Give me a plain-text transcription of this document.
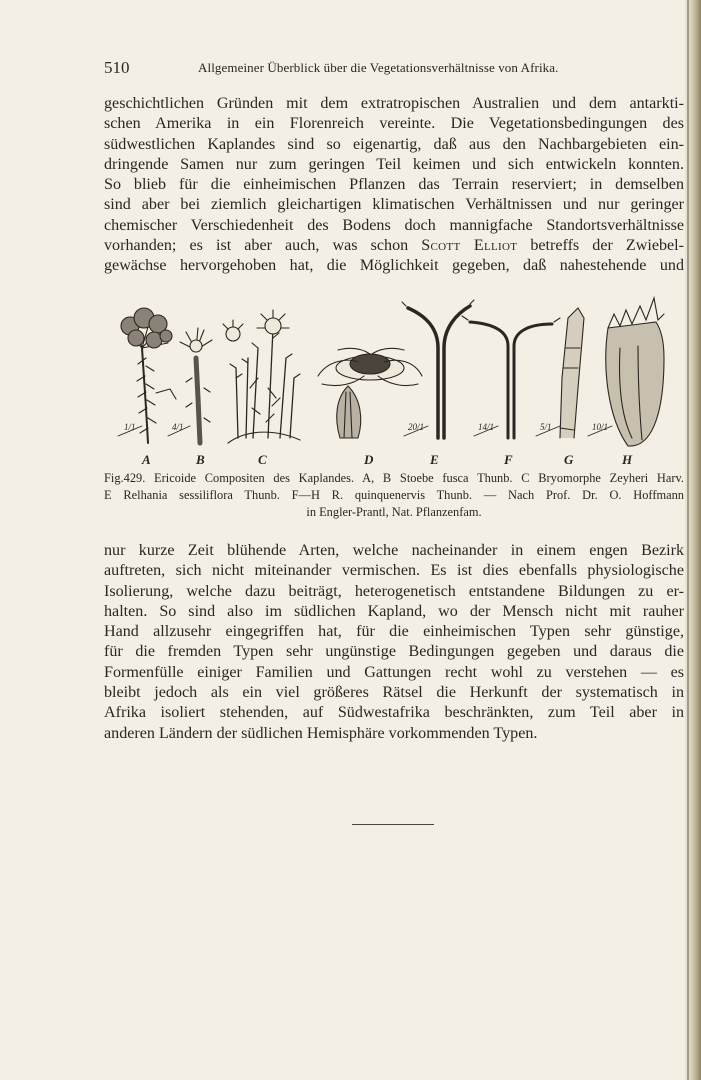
510	Allgemeiner Überblick über die Vegetationsverhältnisse von Afrika.
geschichtlichen Gründen mit dem extratropischen Australien und dem antarkti-
schen Amerika in ein Florenreich vereinte. Die Vegetationsbedingungen des
südwestlichen Kaplandes sind so eigenartig, daß aus den Nachbargebieten ein-
dringende Samen nur zum geringen Teil keimen und sich entwickeln konnten.
So blieb für die einheimischen Pflanzen das Terrain reserviert; in demselben
sind aber bei ziemlich gleichartigen klimatischen Verhältnissen und nur geringer
chemischer Verschiedenheit des Bodens doch mannigfache Standortsverhältnisse
vorhanden; es ist aber auch, was schon Scott Elliot betreffs der Zwiebel-
gewächse hervorgehoben hat, die Möglichkeit gegeben, daß nahestehende und
1/1	4/1	20/1	14/1	5/1	10/1
A	B	C	D	E	F	G	H
Fig.429. Ericoide Compositen des Kaplandes. A, B Stoebe fusca Thunb. C Bryomorphe Zeyheri Harv.
E Relhania sessiliflora Thunb. F—H R. quinquenervis Thunb. — Nach Prof. Dr. O. Hoffmann
in Engler-Prantl, Nat. Pflanzenfam.
nur kurze Zeit blühende Arten, welche nacheinander in einem engen Bezirk
auftreten, sich nicht miteinander vermischen. Es ist dies ebenfalls physiologische
Isolierung, welche dazu beiträgt, heterogenetisch entstandene Bildungen zu er-
halten. So sind also im südlichen Kapland, wo der Mensch nicht mit rauher
Hand allzusehr eingegriffen hat, für die einheimischen Typen sehr günstige,
für die fremden Typen sehr ungünstige Bedingungen gegeben und daraus die
Formenfülle einiger Familien und Gattungen recht wohl zu verstehen — es
bleibt jedoch als ein viel größeres Rätsel die Herkunft der systematisch in
Afrika isoliert stehenden, auf Südwestafrika beschränkten, zum Teil aber in
anderen Ländern der südlichen Hemisphäre vorkommenden Typen.
